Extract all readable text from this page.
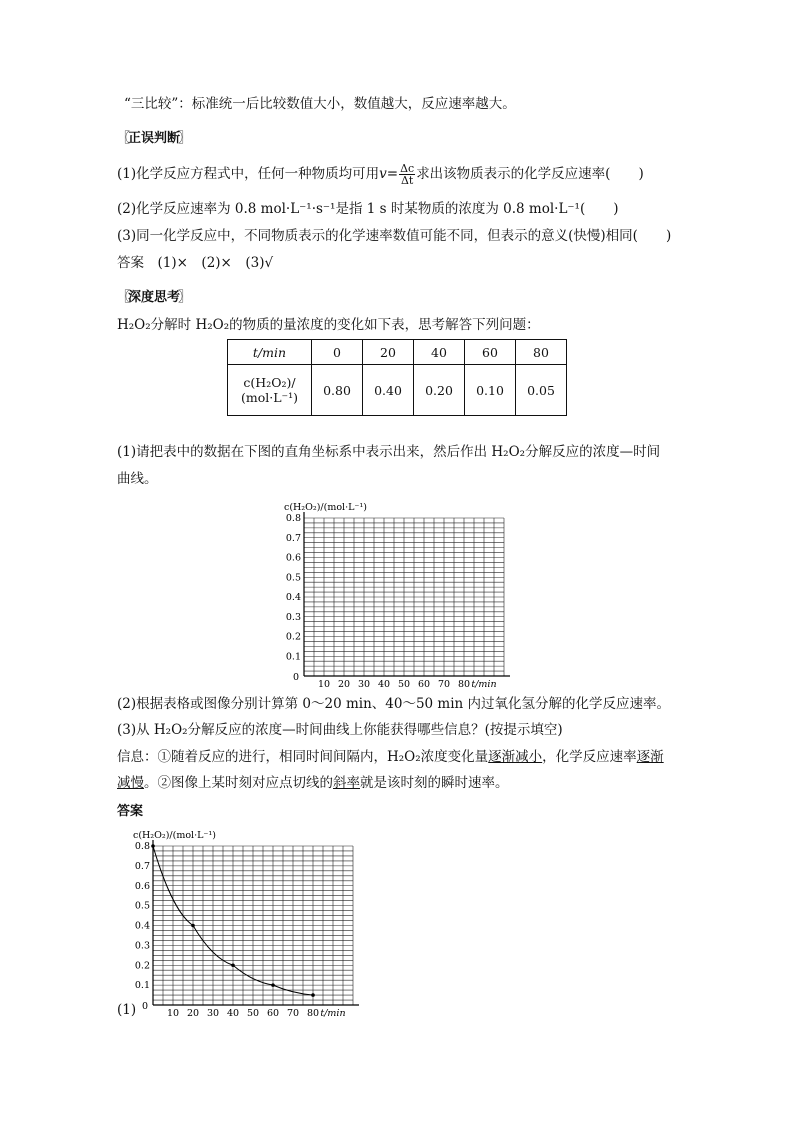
“三比较”：标准统一后比较数值大小，数值越大，反应速率越大。
〖 正误判断 〗
(1)化学反应方程式中，任何一种物质均可用$v= \frac{\Delta c}{\Delta t}$ 求出该物质表示的化学反应速率( )
(2)化学反应速率为 0.8 mol·L⁻¹·s⁻¹是指 1 s 时某物质的浓度为 0.8 mol·L⁻¹( )
(3)同一化学反应中，不同物质表示的化学速率数值可能不同，但表示的意义(快慢)相同( )
答案　(1)×　(2)×　(3)√
〖 深度思考 〗
H₂O₂分解时 H₂O₂的物质的量浓度的变化如下表，思考解答下列问题：
t/min	0	20	40	60	80

c(H₂O₂)/
(mol·L⁻¹)	0.80	0.40	0.20	0.10	0.05
(1)请把表中的数据在下图的直角坐标系中表示出来，然后作出 H₂O₂分解反应的浓度—时间
曲线。
10 20 30 40 50 60 70 80
0.1
0.2
0.3
0.4
0.5
0.6
0.7
0.8
0
t/min
c(H₂O₂)/(mol·L⁻¹)
(2)根据表格或图像分别计算第 0～20 min、40～50 min 内过氧化氢分解的化学反应速率。
(3)从 H₂O₂分解反应的浓度—时间曲线上你能获得哪些信息？(按提示填空)
信息：①随着反应的进行，相同时间间隔内，H₂O₂浓度变化量逐渐减小，化学反应速率逐渐
减慢。②图像上某时刻对应点切线的斜率就是该时刻的瞬时速率。
答案
10 20 30 40 50 60 70 80
0.1
0.2
0.3
0.4
0.5
0.6
0.7
0.8
0
t/min
c(H₂O₂)/(mol·L⁻¹)
(1)
